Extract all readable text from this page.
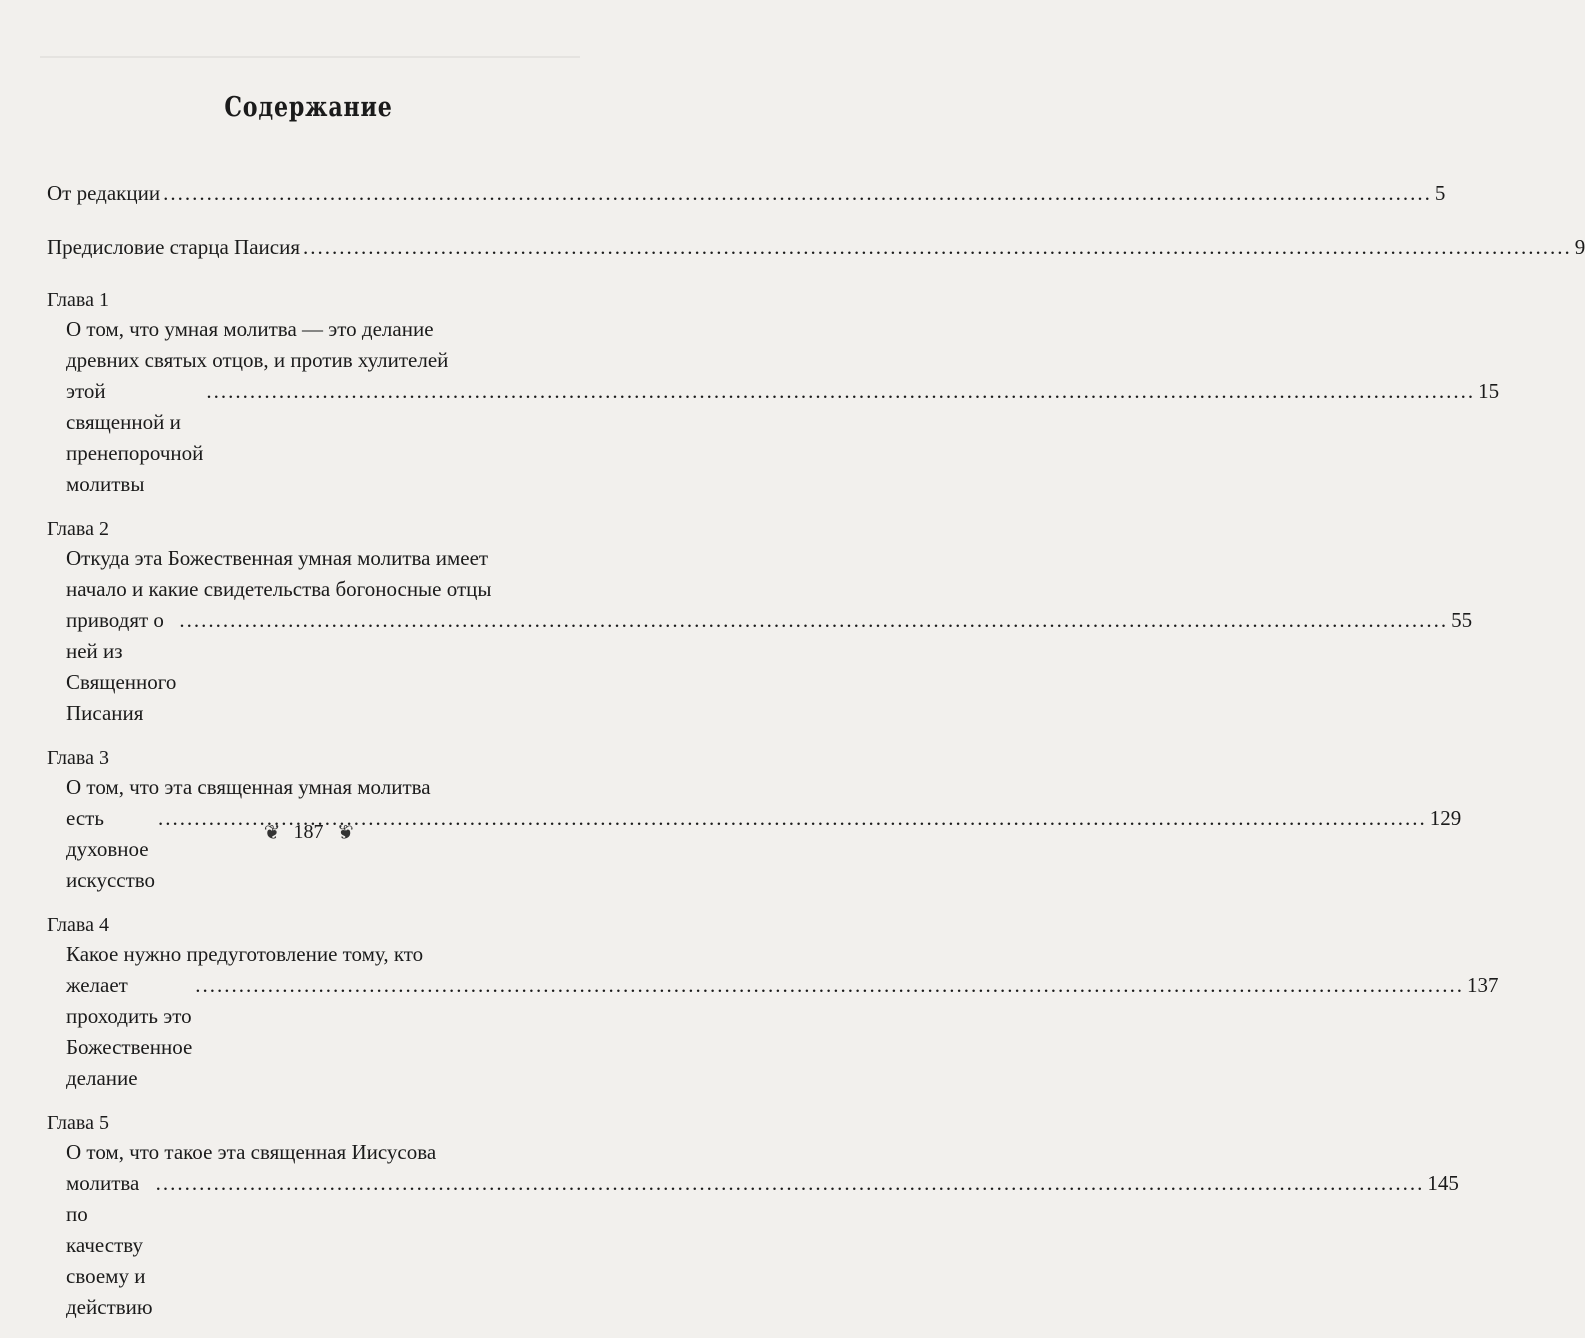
Содержание
От редакции .....	5
Предисловие старца Паисия .....	9
Глава 1
О том, что умная молитва — это делание
древних святых отцов, и против хулителей
этой священной и пренепорочной молитвы
.....
15
Глава 2
Откуда эта Божественная умная молитва имеет
начало и какие свидетельства богоносные отцы
приводят о ней из Священного Писания
.....
55
Глава 3
О том, что эта священная умная молитва
есть духовное искусство
.....
129
Глава 4
Какое нужно предуготовление тому, кто
желает проходить это Божественное делание
.....
137
Глава 5
О том, что такое эта священная Иисусова
молитва по качеству своему и действию
.....
145
❦ 187 ❦
